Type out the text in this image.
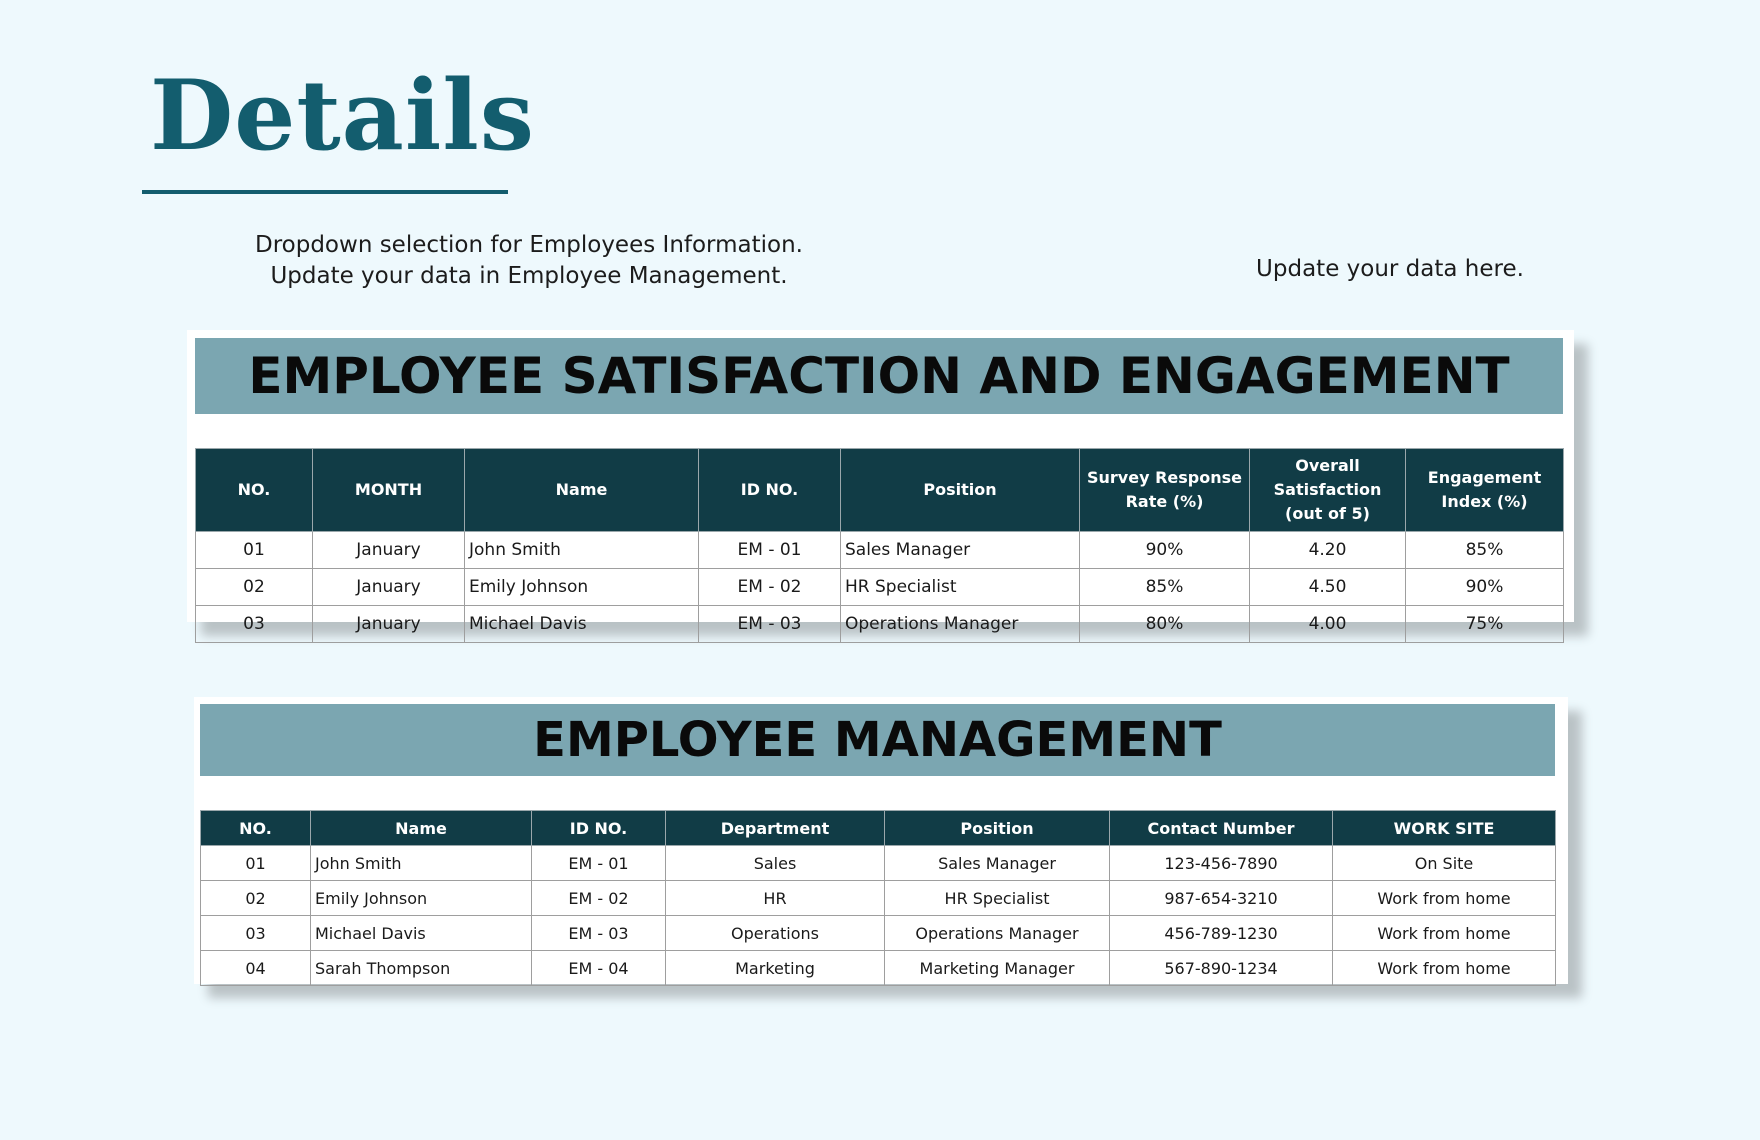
Details
Dropdown selection for Employees Information.
Update your data in Employee Management.	Update your data here.
EMPLOYEE SATISFACTION AND ENGAGEMENT
NO.	MONTH	Name	ID NO.	Position	Survey Response Rate (%)	Overall Satisfaction (out of 5)	Engagement Index (%)
01	January	John Smith	EM - 01	Sales Manager	90%	4.20	85%
02	January	Emily Johnson	EM - 02	HR Specialist	85%	4.50	90%
03	January	Michael Davis	EM - 03	Operations Manager	80%	4.00	75%
EMPLOYEE MANAGEMENT
NO.	Name	ID NO.	Department	Position	Contact Number	WORK SITE
01	John Smith	EM - 01	Sales	Sales Manager	123-456-7890	On Site
02	Emily Johnson	EM - 02	HR	HR Specialist	987-654-3210	Work from home
03	Michael Davis	EM - 03	Operations	Operations Manager	456-789-1230	Work from home
04	Sarah Thompson	EM - 04	Marketing	Marketing Manager	567-890-1234	Work from home
